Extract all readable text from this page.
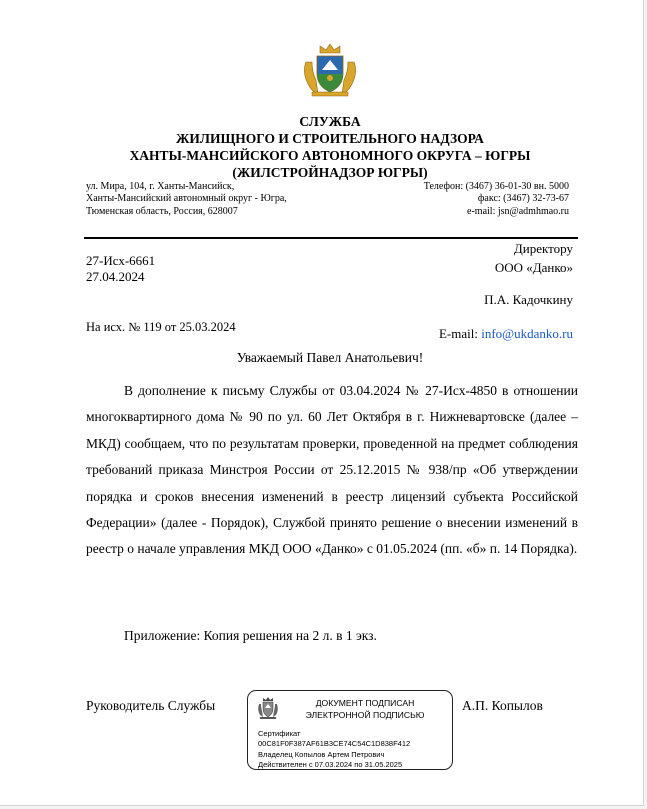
СЛУЖБА
ЖИЛИЩНОГО И СТРОИТЕЛЬНОГО НАДЗОРА
ХАНТЫ-МАНСИЙСКОГО АВТОНОМНОГО ОКРУГА – ЮГРЫ
(ЖИЛСТРОЙНАДЗОР ЮГРЫ)
ул. Мира, 104, г. Ханты-Мансийск,
Ханты-Мансийский автономный округ - Югра,
Тюменская область, Россия, 628007
Телефон: (3467) 36-01-30 вн. 5000
факс: (3467) 32-73-67
e-mail: jsn@admhmao.ru
27-Исх-6661
27.04.2024
Директору
ООО «Данко»
П.А. Кадочкину
На исх. № 119 от 25.03.2024	E-mail: info@ukdanko.ru
Уважаемый Павел Анатольевич!

В дополнение к письму Службы от 03.04.2024 № 27-Исх-4850 в отношении многоквартирного дома № 90 по ул. 60 Лет Октября в г. Нижневартовске (далее – МКД) сообщаем, что по результатам проверки, проведенной на предмет соблюдения требований приказа Минстроя России от 25.12.2015 № 938/пр «Об утверждении порядка и сроков внесения изменений в реестр лицензий субъекта Российской Федерации» (далее - Порядок), Службой принято решение о внесении изменений в реестр о начале управления МКД ООО «Данко» с 01.05.2024 (пп. «б» п. 14 Порядка).

Приложение: Копия решения на 2 л. в 1 экз.
Руководитель Службы	ДОКУМЕНТ ПОДПИСАН
ЭЛЕКТРОННОЙ ПОДПИСЬЮ
Сертификат
00C81F0F387AF61B3CE74C54C1D838F412
Владелец Копылов Артем Петрович
Действителен с 07.03.2024 по 31.05.2025
А.П. Копылов
